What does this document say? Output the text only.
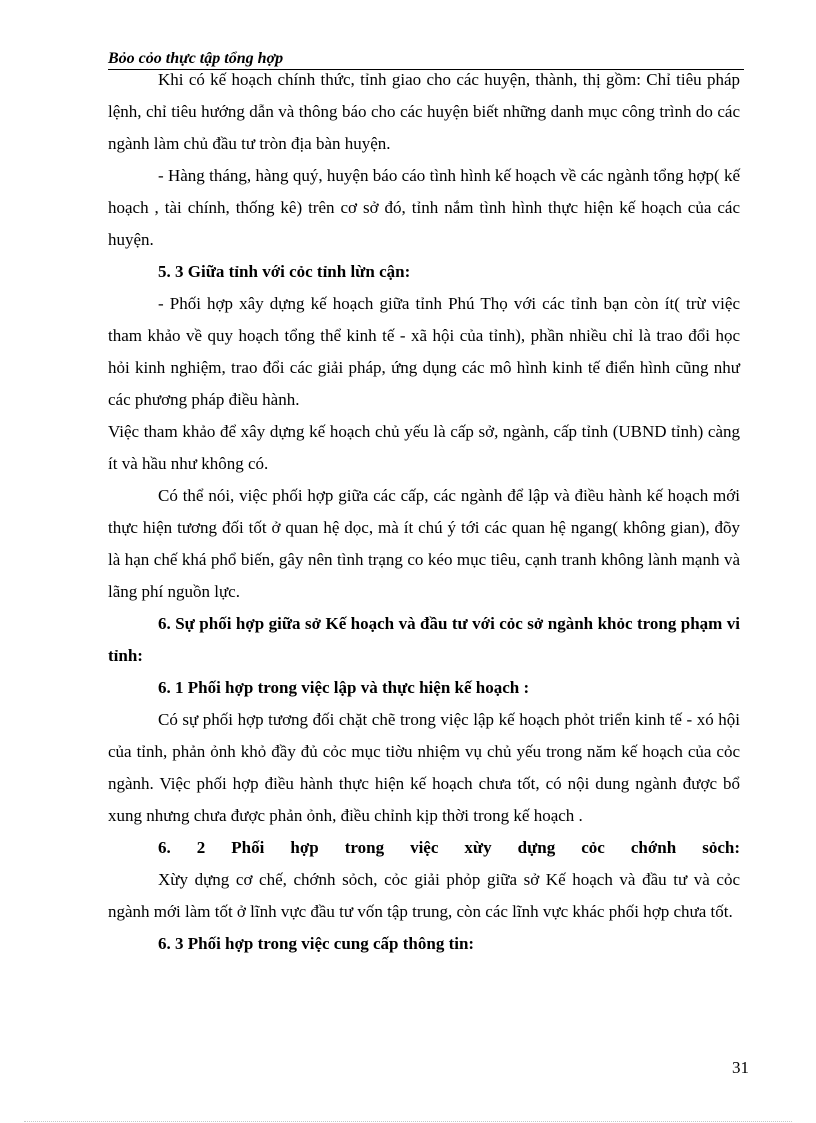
Bỏo cỏo thực tập tổng hợp

Khi có kế hoạch chính thức, tỉnh giao cho các huyện, thành, thị gồm: Chỉ tiêu pháp lệnh, chỉ tiêu hướng dẫn và thông báo cho các huyện biết những danh mục công trình do các ngành làm chủ đầu tư tròn địa bàn huyện.

- Hàng tháng, hàng quý, huyện báo cáo tình hình kế hoạch về các ngành tổng hợp( kế hoạch , tài chính, thống kê) trên cơ sở đó, tỉnh nắm tình hình thực hiện kế hoạch của các huyện.

5. 3 Giữa tỉnh với cỏc tỉnh lừn cận:

- Phối hợp xây dựng kế hoạch giữa tỉnh Phú Thọ với các tỉnh bạn còn ít( trừ việc tham khảo về quy hoạch tổng thể kinh tế - xã hội của tỉnh), phần nhiều chỉ là trao đổi học hỏi kinh nghiệm, trao đổi các giải pháp, ứng dụng các mô hình kinh tế điển hình cũng như các phương pháp điều hành.

Việc tham khảo để xây dựng kế hoạch chủ yếu là cấp sở, ngành, cấp tỉnh (UBND tỉnh) càng ít và hầu như không có.

Có thể nói, việc phối hợp giữa các cấp, các ngành để lập và điều hành kế hoạch mới thực hiện tương đối tốt ở quan hệ dọc, mà ít chú ý tới các quan hệ ngang( không gian), đõy là hạn chế khá phổ biến, gây nên tình trạng co kéo mục tiêu, cạnh tranh không lành mạnh và lãng phí nguồn lực.

6. Sự phối hợp giữa sở Kế hoạch và đầu tư với cỏc sở ngành khỏc trong phạm vi tỉnh:

6. 1 Phối hợp trong việc lập và thực hiện kế hoạch :

Có sự phối hợp tương đối chặt chẽ trong việc lập kế hoạch phỏt triển kinh tế - xó hội của tỉnh, phản ỏnh khỏ đầy đủ cỏc mục tiờu nhiệm vụ chủ yếu trong năm kế hoạch của cỏc ngành. Việc phối hợp điều hành thực hiện kế hoạch chưa tốt, có nội dung ngành được bổ xung nhưng chưa được phản ỏnh, điều chỉnh kịp thời trong kế hoạch .

6. 2 Phối hợp trong việc xừy dựng cỏc chớnh sỏch:

Xừy dựng cơ chế, chớnh sỏch, cỏc giải phỏp giữa sở Kế hoạch và đầu tư và cỏc ngành mới làm tốt ở lĩnh vực đầu tư vốn tập trung, còn các lĩnh vực khác phối hợp chưa tốt.

6. 3 Phối hợp trong việc cung cấp thông tin:

31
